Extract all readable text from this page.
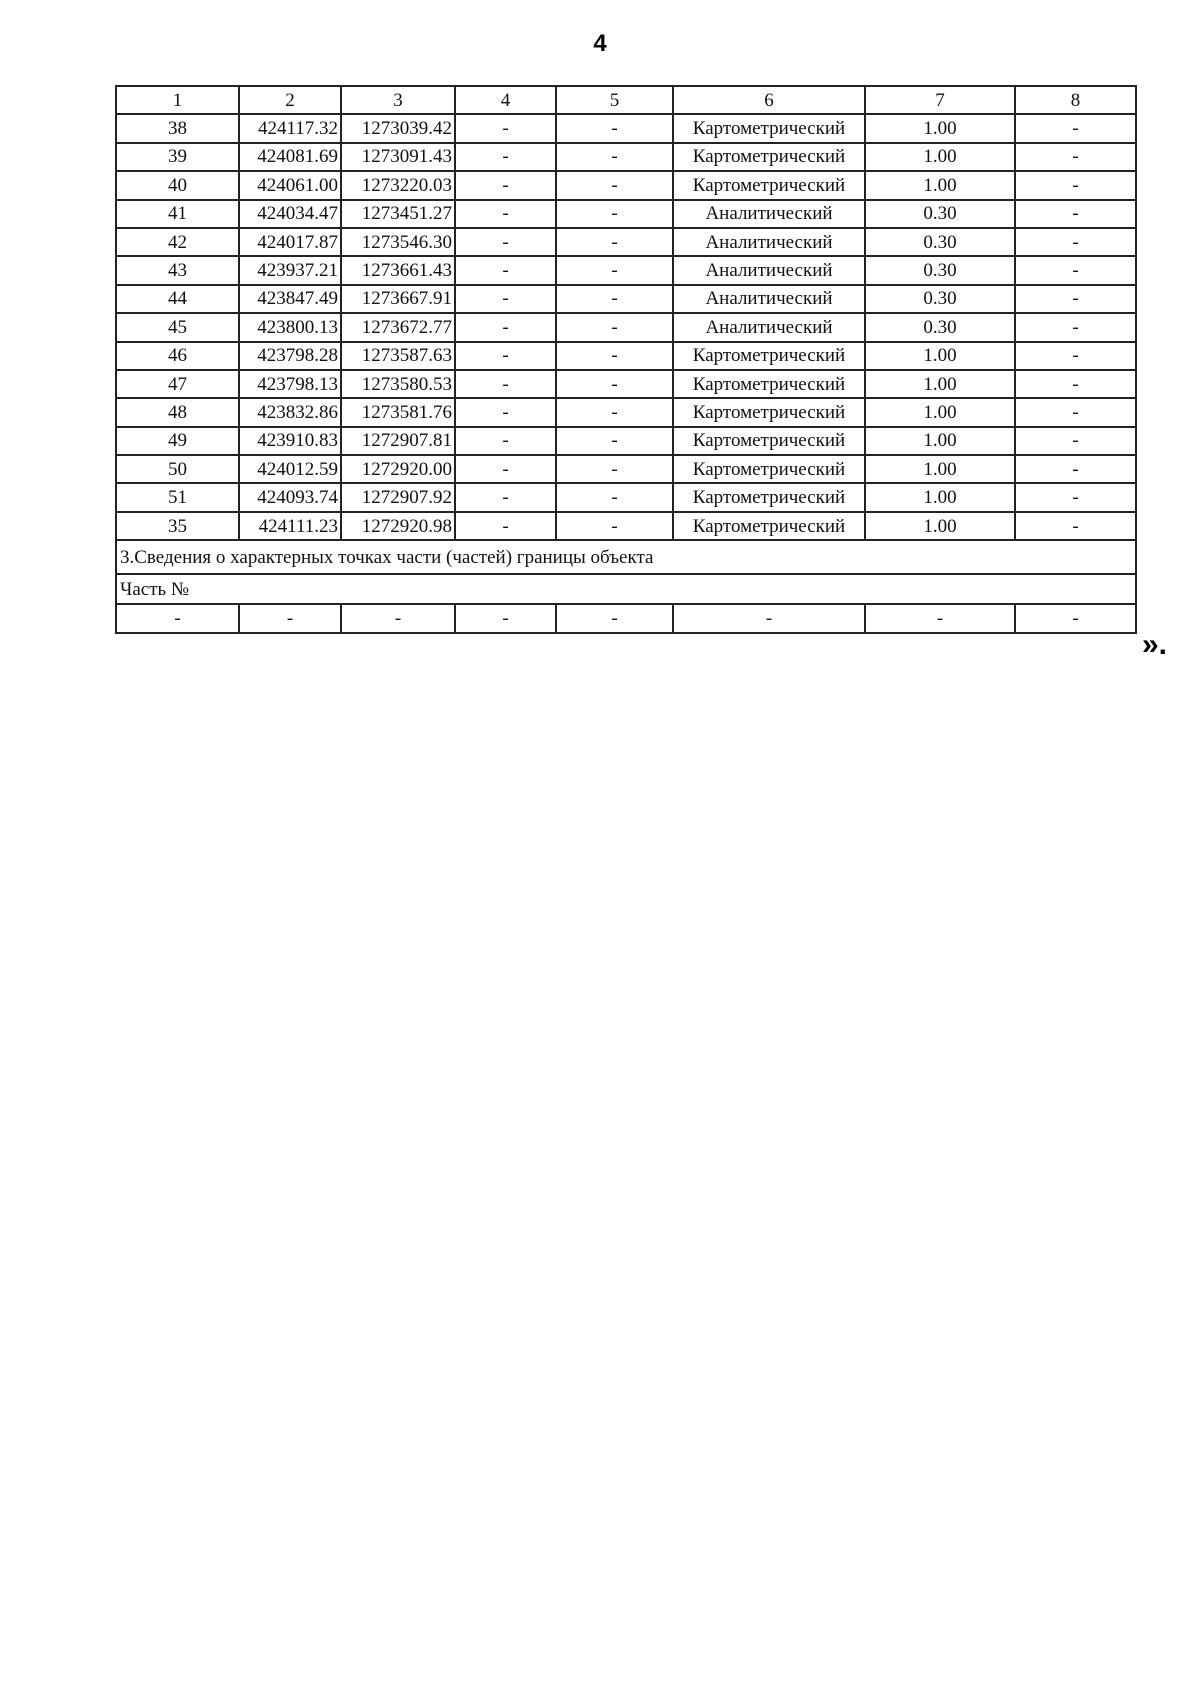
4
1	2	3	4	5	6	7	8
38	424117.32	1273039.42	-	-	Картометрический	1.00	-
39	424081.69	1273091.43	-	-	Картометрический	1.00	-
40	424061.00	1273220.03	-	-	Картометрический	1.00	-
41	424034.47	1273451.27	-	-	Аналитический	0.30	-
42	424017.87	1273546.30	-	-	Аналитический	0.30	-
43	423937.21	1273661.43	-	-	Аналитический	0.30	-
44	423847.49	1273667.91	-	-	Аналитический	0.30	-
45	423800.13	1273672.77	-	-	Аналитический	0.30	-
46	423798.28	1273587.63	-	-	Картометрический	1.00	-
47	423798.13	1273580.53	-	-	Картометрический	1.00	-
48	423832.86	1273581.76	-	-	Картометрический	1.00	-
49	423910.83	1272907.81	-	-	Картометрический	1.00	-
50	424012.59	1272920.00	-	-	Картометрический	1.00	-
51	424093.74	1272907.92	-	-	Картометрический	1.00	-
35	424111.23	1272920.98	-	-	Картометрический	1.00	-
3.Сведения о характерных точках части (частей) границы объекта							
Часть №							
-	-	-	-	-	-	-	-
».
